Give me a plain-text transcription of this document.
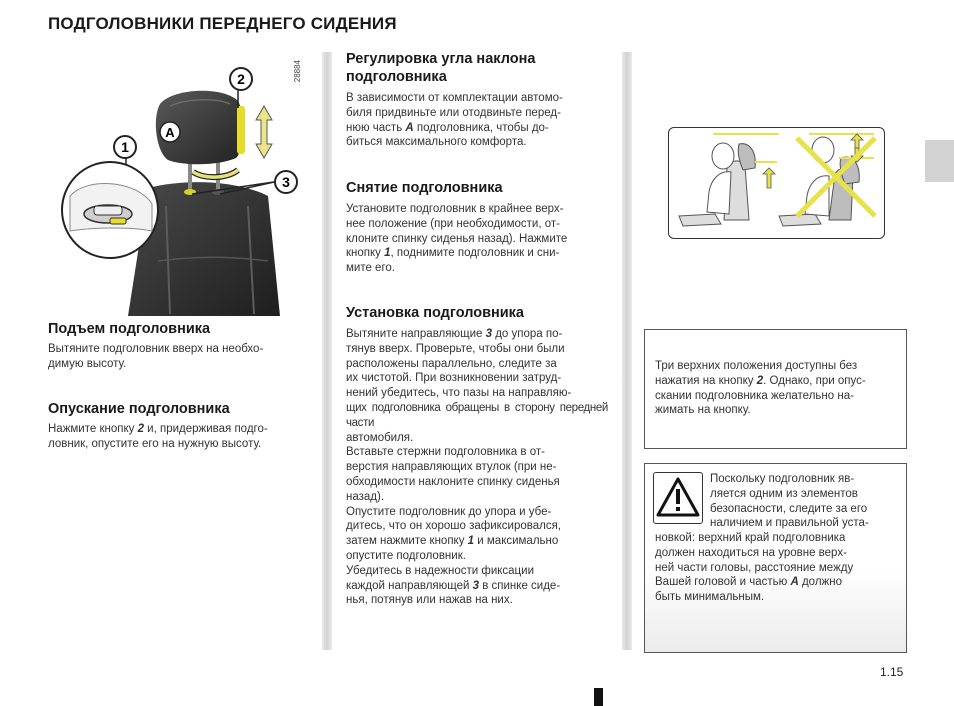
ПОДГОЛОВНИКИ ПЕРЕДНЕГО СИДЕНИЯ
2
1
3
A
28884

Подъем подголовника

Вытяните подголовник вверх на необхо-

димую высоту.

Опускание подголовника

Нажмите кнопку 2 и, придерживая подго-

ловник, опустите его на нужную высоту.

Регулировка угла наклона

подголовника

В зависимости от комплектации автомо-

биля придвиньте или отодвиньте перед-

нюю часть A подголовника, чтобы до-

биться максимального комфорта.

Снятие подголовника

Установите подголовник в крайнее верх-

нее положение (при необходимости, от-

клоните спинку сиденья назад). Нажмите

кнопку 1, поднимите подголовник и сни-

мите его.

Установка подголовника

Вытяните направляющие 3 до упора по-

тянув вверх. Проверьте, чтобы они были

расположены параллельно, следите за

их чистотой. При возникновении затруд-

нений убедитесь, что пазы на направляю-

щих подголовника обращены в сторону передней части

автомобиля.

Вставьте стержни подголовника в от-

верстия направляющих втулок (при не-

обходимости наклоните спинку сиденья

назад).

Опустите подголовник до упора и убе-

дитесь, что он хорошо зафиксировался,

затем нажмите кнопку 1 и максимально

опустите подголовник.

Убедитесь в надежности фиксации

каждой направляющей 3 в спинке сиде-

нья, потянув или нажав на них.

Три верхних положения доступны без

нажатия на кнопку 2. Однако, при опус-

скании подголовника желательно на-

жимать на кнопку.

Поскольку подголовник яв-

ляется одним из элементов

безопасности, следите за его

наличием и правильной уста-

новкой: верхний край подголовника

должен находиться на уровне верх-

ней части головы, расстояние между

Вашей головой и частью A должно

быть минимальным.

1.15
